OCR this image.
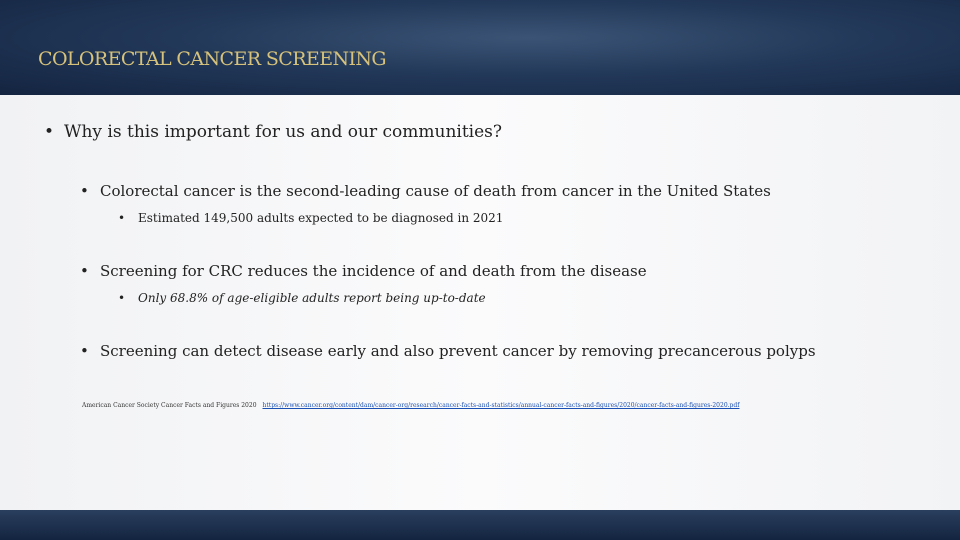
COLORECTAL CANCER SCREENING
• Why is this important for us and our communities?
• Colorectal cancer is the second-leading cause of death from cancer in the United States
• Estimated 149,500 adults expected to be diagnosed in 2021
• Screening for CRC reduces the incidence of and death from the disease
• Only 68.8% of age-eligible adults report being up-to-date
• Screening can detect disease early and also prevent cancer by removing precancerous polyps
American Cancer Society Cancer Facts and Figures 2020 https://www.cancer.org/content/dam/cancer-org/research/cancer-facts-and-statistics/annual-cancer-facts-and-figures/2020/cancer-facts-and-figures-2020.pdf
